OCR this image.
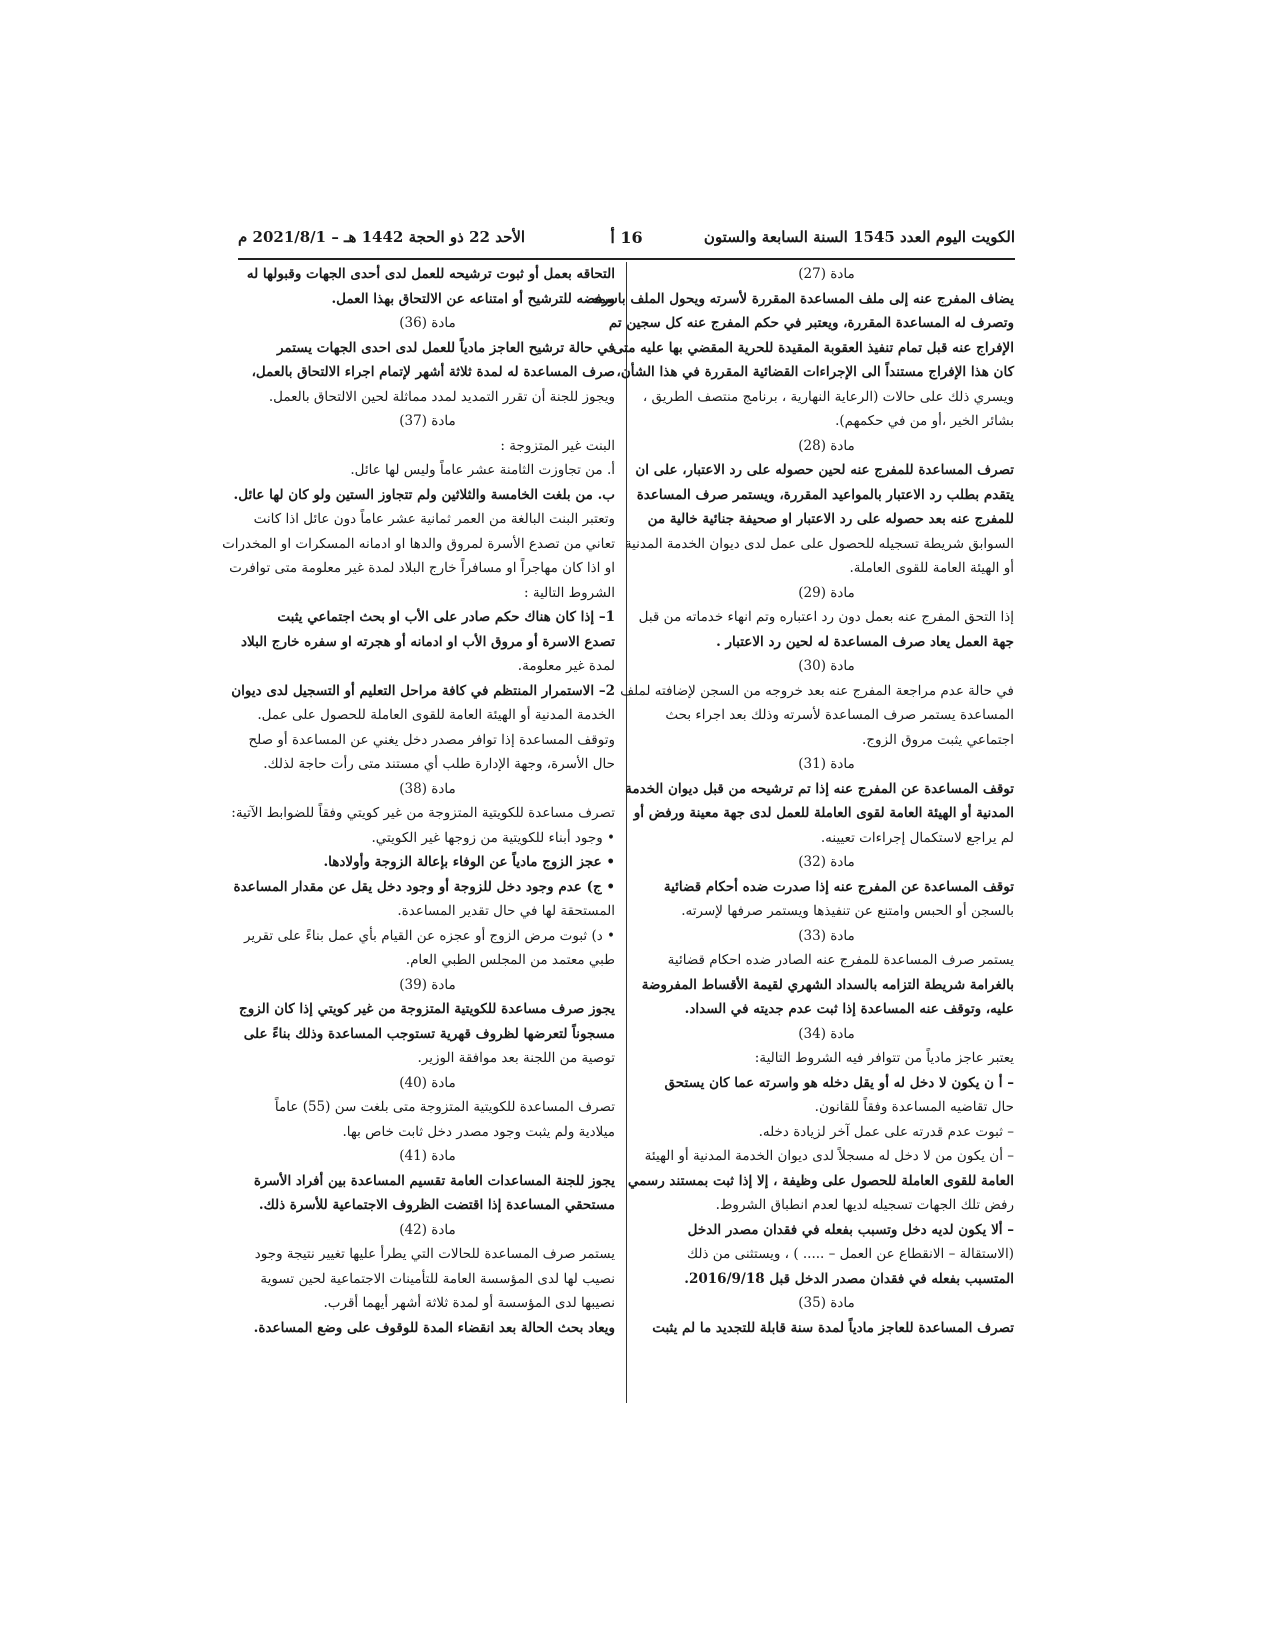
الكويت اليوم العدد 1545 السنة السابعة والستون
16 أ
الأحد 22 ذو الحجة 1442 هـ – 2021/8/1 م
مادة (27)
يضاف المفرج عنه إلى ملف المساعدة المقررة لأسرته ويحول الملف باسمه
وتصرف له المساعدة المقررة، ويعتبر في حكم المفرج عنه كل سجين تم
الإفراج عنه قبل تمام تنفيذ العقوبة المقيدة للحرية المقضي بها عليه متى
كان هذا الإفراج مستنداً الى الإجراءات القضائية المقررة في هذا الشأن،
ويسري ذلك على حالات (الرعاية النهارية ، برنامج منتصف الطريق ،
بشائر الخير ،أو من في حكمهم).
مادة (28)
تصرف المساعدة للمفرج عنه لحين حصوله على رد الاعتبار، على ان
يتقدم بطلب رد الاعتبار بالمواعيد المقررة، ويستمر صرف المساعدة
للمفرج عنه بعد حصوله على رد الاعتبار او صحيفة جنائية خالية من
السوابق شريطة تسجيله للحصول على عمل لدى ديوان الخدمة المدنية
أو الهيئة العامة للقوى العاملة.
مادة (29)
إذا التحق المفرج عنه بعمل دون رد اعتباره وتم انهاء خدماته من قبل
جهة العمل يعاد صرف المساعدة له لحين رد الاعتبار .
مادة (30)
في حالة عدم مراجعة المفرج عنه بعد خروجه من السجن لإضافته لملف
المساعدة يستمر صرف المساعدة لأسرته وذلك بعد اجراء بحث
اجتماعي يثبت مروق الزوج.
مادة (31)
توقف المساعدة عن المفرج عنه إذا تم ترشيحه من قبل ديوان الخدمة
المدنية أو الهيئة العامة لقوى العاملة للعمل لدى جهة معينة ورفض أو
لم يراجع لاستكمال إجراءات تعيينه.
مادة (32)
توقف المساعدة عن المفرج عنه إذا صدرت ضده أحكام قضائية
بالسجن أو الحبس وامتنع عن تنفيذها ويستمر صرفها لإسرته.
مادة (33)
يستمر صرف المساعدة للمفرج عنه الصادر ضده احكام قضائية
بالغرامة شريطة التزامه بالسداد الشهري لقيمة الأقساط المفروضة
عليه، وتوقف عنه المساعدة إذا ثبت عدم جديته في السداد.
مادة (34)
يعتبر عاجز مادياً من تتوافر فيه الشروط التالية:
– أ ن يكون لا دخل له أو يقل دخله هو واسرته عما كان يستحق
حال تقاضيه المساعدة وفقاً للقانون.
– ثبوت عدم قدرته على عمل آخر لزيادة دخله.
– أن يكون من لا دخل له مسجلاً لدى ديوان الخدمة المدنية أو الهيئة
العامة للقوى العاملة للحصول على وظيفة ، إلا إذا ثبت بمستند رسمي
رفض تلك الجهات تسجيله لديها لعدم انطباق الشروط.
– ألا يكون لديه دخل وتسبب بفعله في فقدان مصدر الدخل
(الاستقالة – الانقطاع عن العمل – ..... ) ، ويستثنى من ذلك
المتسبب بفعله في فقدان مصدر الدخل قبل 2016/9/18.
مادة (35)
تصرف المساعدة للعاجز مادياً لمدة سنة قابلة للتجديد ما لم يثبت
التحاقه بعمل أو ثبوت ترشيحه للعمل لدى أحدى الجهات وقبولها له
ورفضه للترشيح أو امتناعه عن الالتحاق بهذا العمل.
مادة (36)
في حالة ترشيح العاجز مادياً للعمل لدى احدى الجهات يستمر
صرف المساعدة له لمدة ثلاثة أشهر لإتمام اجراء الالتحاق بالعمل،
ويجوز للجنة أن تقرر التمديد لمدد مماثلة لحين الالتحاق بالعمل.
مادة (37)
البنت غير المتزوجة :
أ. من تجاوزت الثامنة عشر عاماً وليس لها عائل.
ب. من بلغت الخامسة والثلاثين ولم تتجاوز الستين ولو كان لها عائل.
وتعتبر البنت البالغة من العمر ثمانية عشر عاماً دون عائل اذا كانت
تعاني من تصدع الأسرة لمروق والدها او ادمانه المسكرات او المخدرات
او اذا كان مهاجراً او مسافراً خارج البلاد لمدة غير معلومة متى توافرت
الشروط التالية :
1– إذا كان هناك حكم صادر على الأب او بحث اجتماعي يثبت
تصدع الاسرة أو مروق الأب او ادمانه أو هجرته او سفره خارج البلاد
لمدة غير معلومة.
2– الاستمرار المنتظم في كافة مراحل التعليم أو التسجيل لدى ديوان
الخدمة المدنية أو الهيئة العامة للقوى العاملة للحصول على عمل.
وتوقف المساعدة إذا توافر مصدر دخل يغني عن المساعدة أو صلح
حال الأسرة، وجهة الإدارة طلب أي مستند متى رأت حاجة لذلك.
مادة (38)
تصرف مساعدة للكويتية المتزوجة من غير كويتي وفقاً للضوابط الآتية:
• وجود أبناء للكويتية من زوجها غير الكويتي.
• عجز الزوج مادياً عن الوفاء بإعالة الزوجة وأولادها.
• ج) عدم وجود دخل للزوجة أو وجود دخل يقل عن مقدار المساعدة
المستحقة لها في حال تقدير المساعدة.
• د) ثبوت مرض الزوج أو عجزه عن القيام بأي عمل بناءً على تقرير
طبي معتمد من المجلس الطبي العام.
مادة (39)
يجوز صرف مساعدة للكويتية المتزوجة من غير كويتي إذا كان الزوج
مسجوناً لتعرضها لظروف قهرية تستوجب المساعدة وذلك بناءً على
توصية من اللجنة بعد موافقة الوزير.
مادة (40)
تصرف المساعدة للكويتية المتزوجة متى بلغت سن (55) عاماً
ميلادية ولم يثبت وجود مصدر دخل ثابت خاص بها.
مادة (41)
يجوز للجنة المساعدات العامة تقسيم المساعدة بين أفراد الأسرة
مستحقي المساعدة إذا اقتضت الظروف الاجتماعية للأسرة ذلك.
مادة (42)
يستمر صرف المساعدة للحالات التي يطرأ عليها تغيير نتيجة وجود
نصيب لها لدى المؤسسة العامة للتأمينات الاجتماعية لحين تسوية
نصيبها لدى المؤسسة أو لمدة ثلاثة أشهر أيهما أقرب.
ويعاد بحث الحالة بعد انقضاء المدة للوقوف على وضع المساعدة.
